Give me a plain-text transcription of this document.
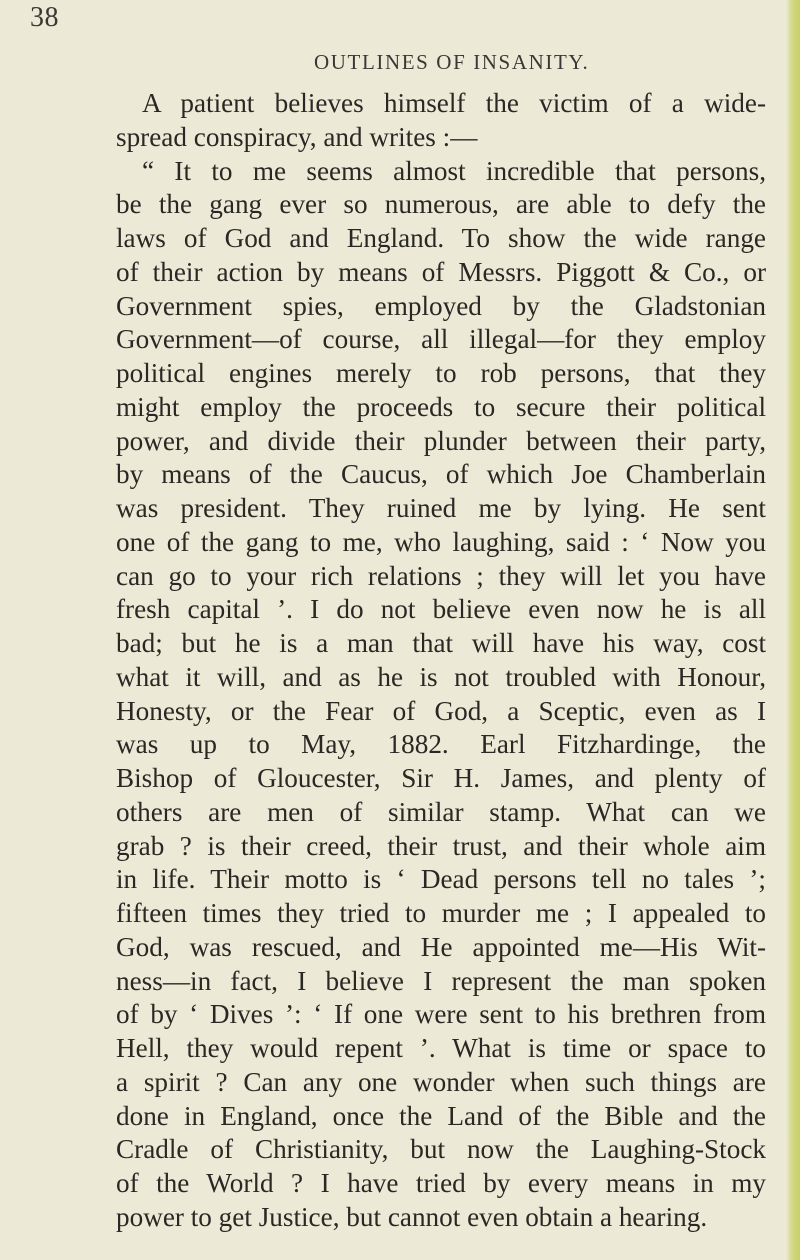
38
OUTLINES OF INSANITY.
A patient believes himself the victim of a wide-
spread conspiracy, and writes :—
“ It to me seems almost incredible that persons,
be the gang ever so numerous, are able to defy the
laws of God and England. To show the wide range
of their action by means of Messrs. Piggott & Co., or
Government spies, employed by the Gladstonian
Government—of course, all illegal—for they employ
political engines merely to rob persons, that they
might employ the proceeds to secure their political
power, and divide their plunder between their party,
by means of the Caucus, of which Joe Chamberlain
was president. They ruined me by lying. He sent
one of the gang to me, who laughing, said : ‘ Now you
can go to your rich relations ; they will let you have
fresh capital ’. I do not believe even now he is all
bad; but he is a man that will have his way, cost
what it will, and as he is not troubled with Honour,
Honesty, or the Fear of God, a Sceptic, even as I
was up to May, 1882. Earl Fitzhardinge, the
Bishop of Gloucester, Sir H. James, and plenty of
others are men of similar stamp. What can we
grab ? is their creed, their trust, and their whole aim
in life. Their motto is ‘ Dead persons tell no tales ’;
fifteen times they tried to murder me ; I appealed to
God, was rescued, and He appointed me—His Wit-
ness—in fact, I believe I represent the man spoken
of by ‘ Dives ’: ‘ If one were sent to his brethren from
Hell, they would repent ’. What is time or space to
a spirit ? Can any one wonder when such things are
done in England, once the Land of the Bible and the
Cradle of Christianity, but now the Laughing-Stock
of the World ? I have tried by every means in my
power to get Justice, but cannot even obtain a hearing.
